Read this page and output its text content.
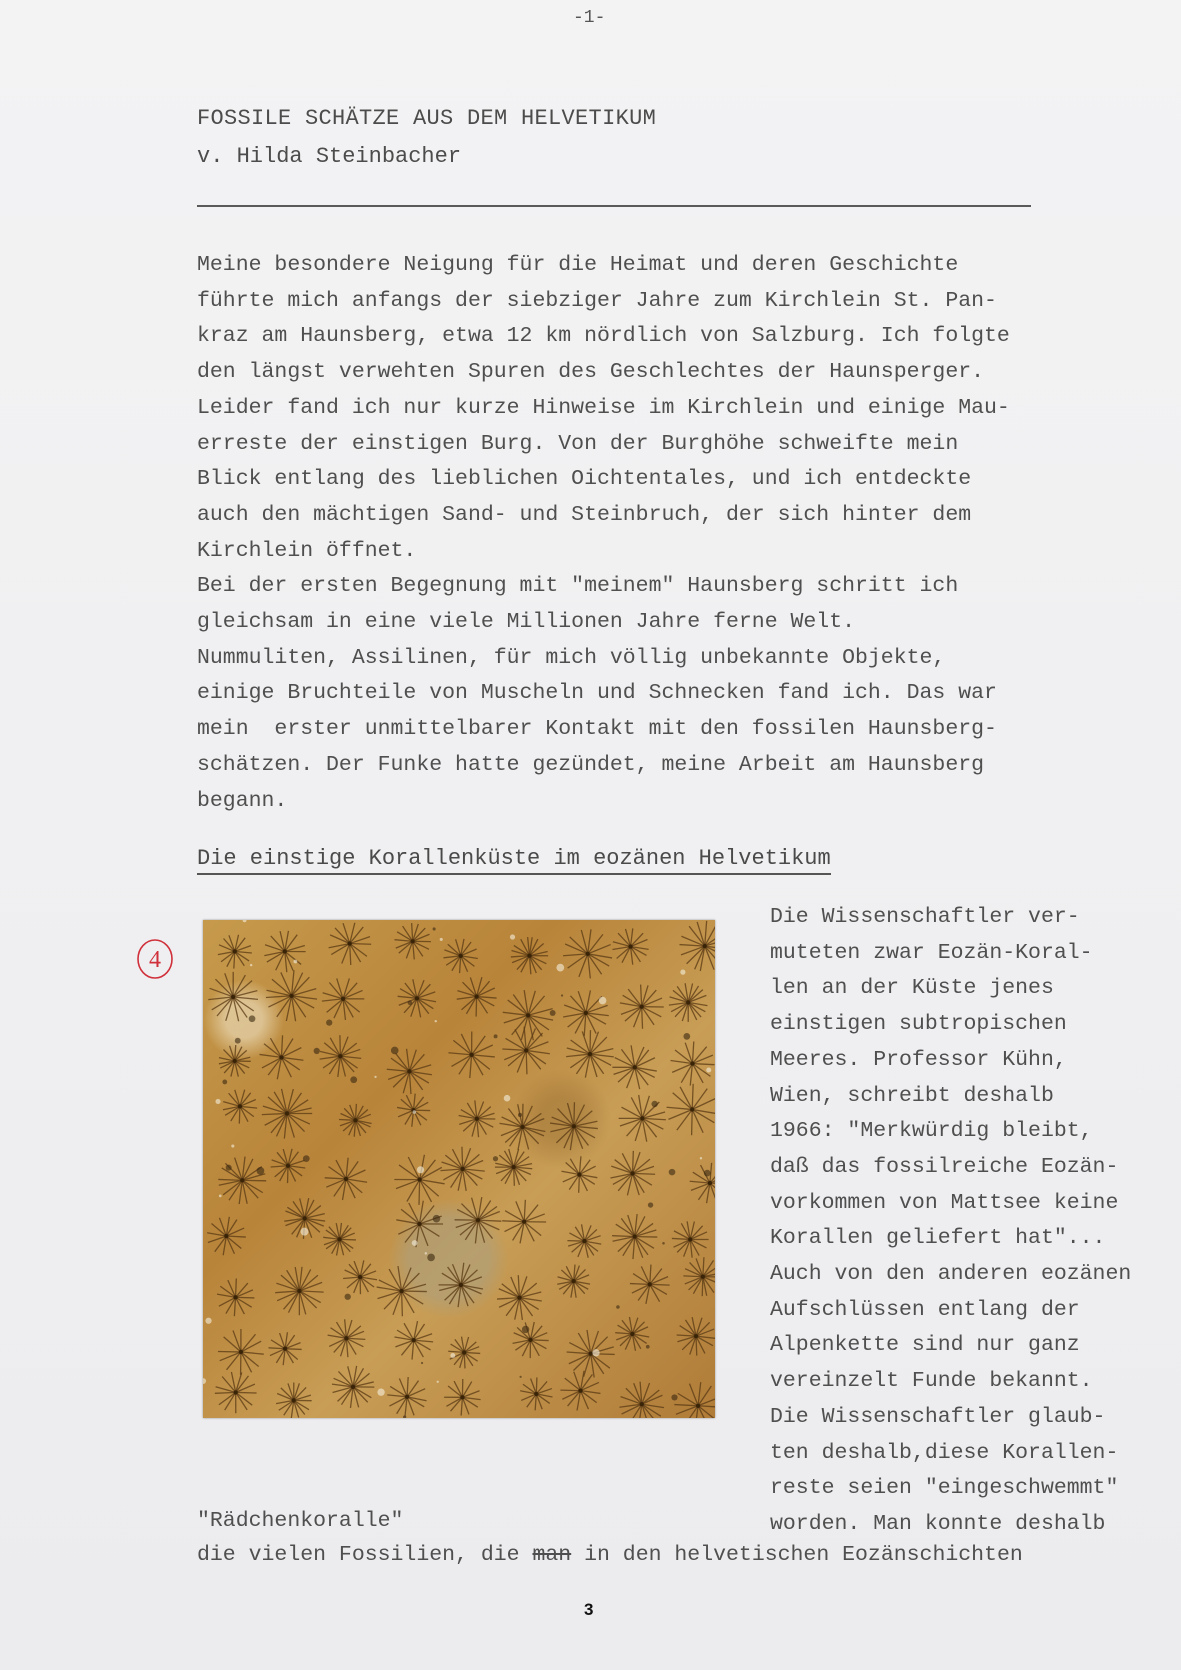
-1-
FOSSILE SCHÄTZE AUS DEM HELVETIKUM
v. Hilda Steinbacher
Meine besondere Neigung für die Heimat und deren Geschichte
führte mich anfangs der siebziger Jahre zum Kirchlein St. Pan-
kraz am Haunsberg, etwa 12 km nördlich von Salzburg. Ich folgte
den längst verwehten Spuren des Geschlechtes der Haunsperger.
Leider fand ich nur kurze Hinweise im Kirchlein und einige Mau-
erreste der einstigen Burg. Von der Burghöhe schweifte mein
Blick entlang des lieblichen Oichtentales, und ich entdeckte
auch den mächtigen Sand- und Steinbruch, der sich hinter dem
Kirchlein öffnet.
Bei der ersten Begegnung mit "meinem" Haunsberg schritt ich
gleichsam in eine viele Millionen Jahre ferne Welt.
Nummuliten, Assilinen, für mich völlig unbekannte Objekte,
einige Bruchteile von Muscheln und Schnecken fand ich. Das war
mein  erster unmittelbarer Kontakt mit den fossilen Haunsberg-
schätzen. Der Funke hatte gezündet, meine Arbeit am Haunsberg
begann.
Die einstige Korallenküste im eozänen Helvetikum
4
Die Wissenschaftler ver-
muteten zwar Eozän-Koral-
len an der Küste jenes
einstigen subtropischen
Meeres. Professor Kühn,
Wien, schreibt deshalb
1966: "Merkwürdig bleibt,
daß das fossilreiche Eozän-
vorkommen von Mattsee keine
Korallen geliefert hat"...
Auch von den anderen eozänen
Aufschlüssen entlang der
Alpenkette sind nur ganz
vereinzelt Funde bekannt.
Die Wissenschaftler glaub-
ten deshalb,diese Korallen-
reste seien "eingeschwemmt"
worden. Man konnte deshalb
"Rädchenkoralle"
die vielen Fossilien, die man in den helvetischen Eozänschichten
3
